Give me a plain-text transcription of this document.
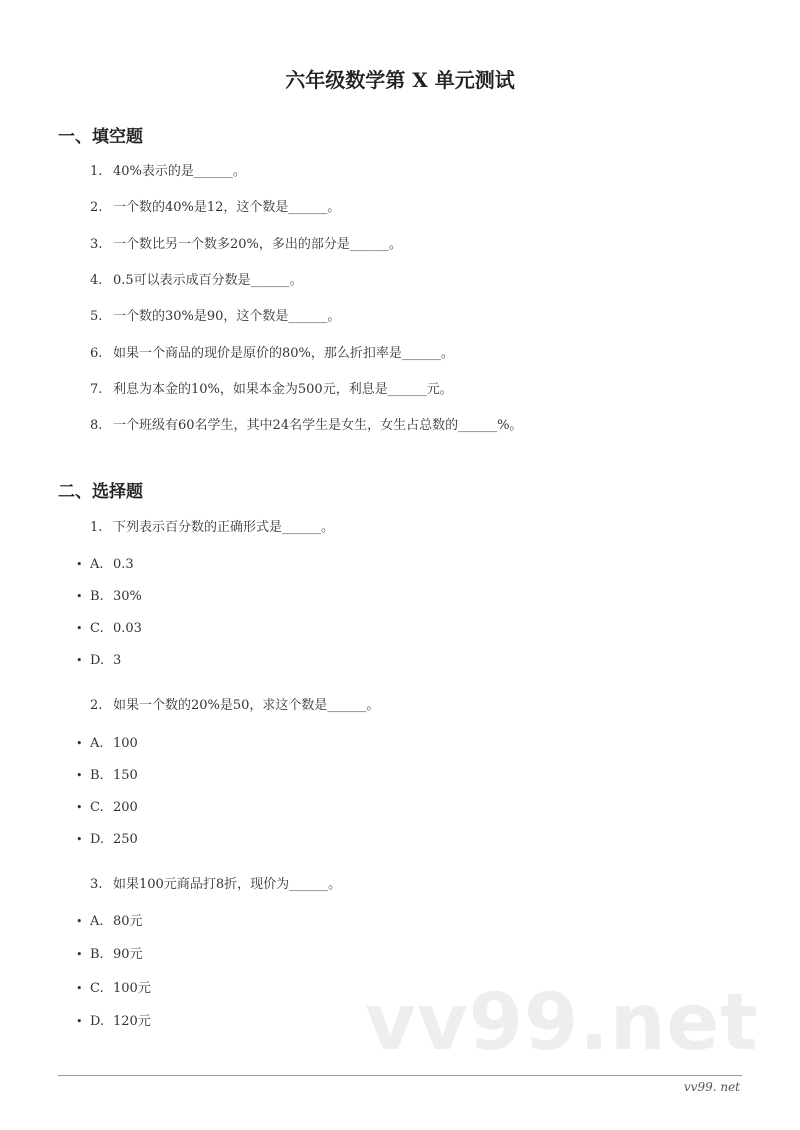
六年级数学第 X 单元测试
一、填空题
1. 40%表示的是______。
2. 一个数的40%是12，这个数是______。
3. 一个数比另一个数多20%，多出的部分是______。
4. 0.5可以表示成百分数是______。
5. 一个数的30%是90，这个数是______。
6. 如果一个商品的现价是原价的80%，那么折扣率是______。
7. 利息为本金的10%，如果本金为500元，利息是______元。
8. 一个班级有60名学生，其中24名学生是女生，女生占总数的______%。
二、选择题
1. 下列表示百分数的正确形式是______。
• A. 0.3
• B. 30%
• C. 0.03
• D. 3
2. 如果一个数的20%是50，求这个数是______。
• A. 100
• B. 150
• C. 200
• D. 250
3. 如果100元商品打8折，现价为______。
• A. 80元
• B. 90元
• C. 100元
• D. 120元	vv99.net
vv99. net
